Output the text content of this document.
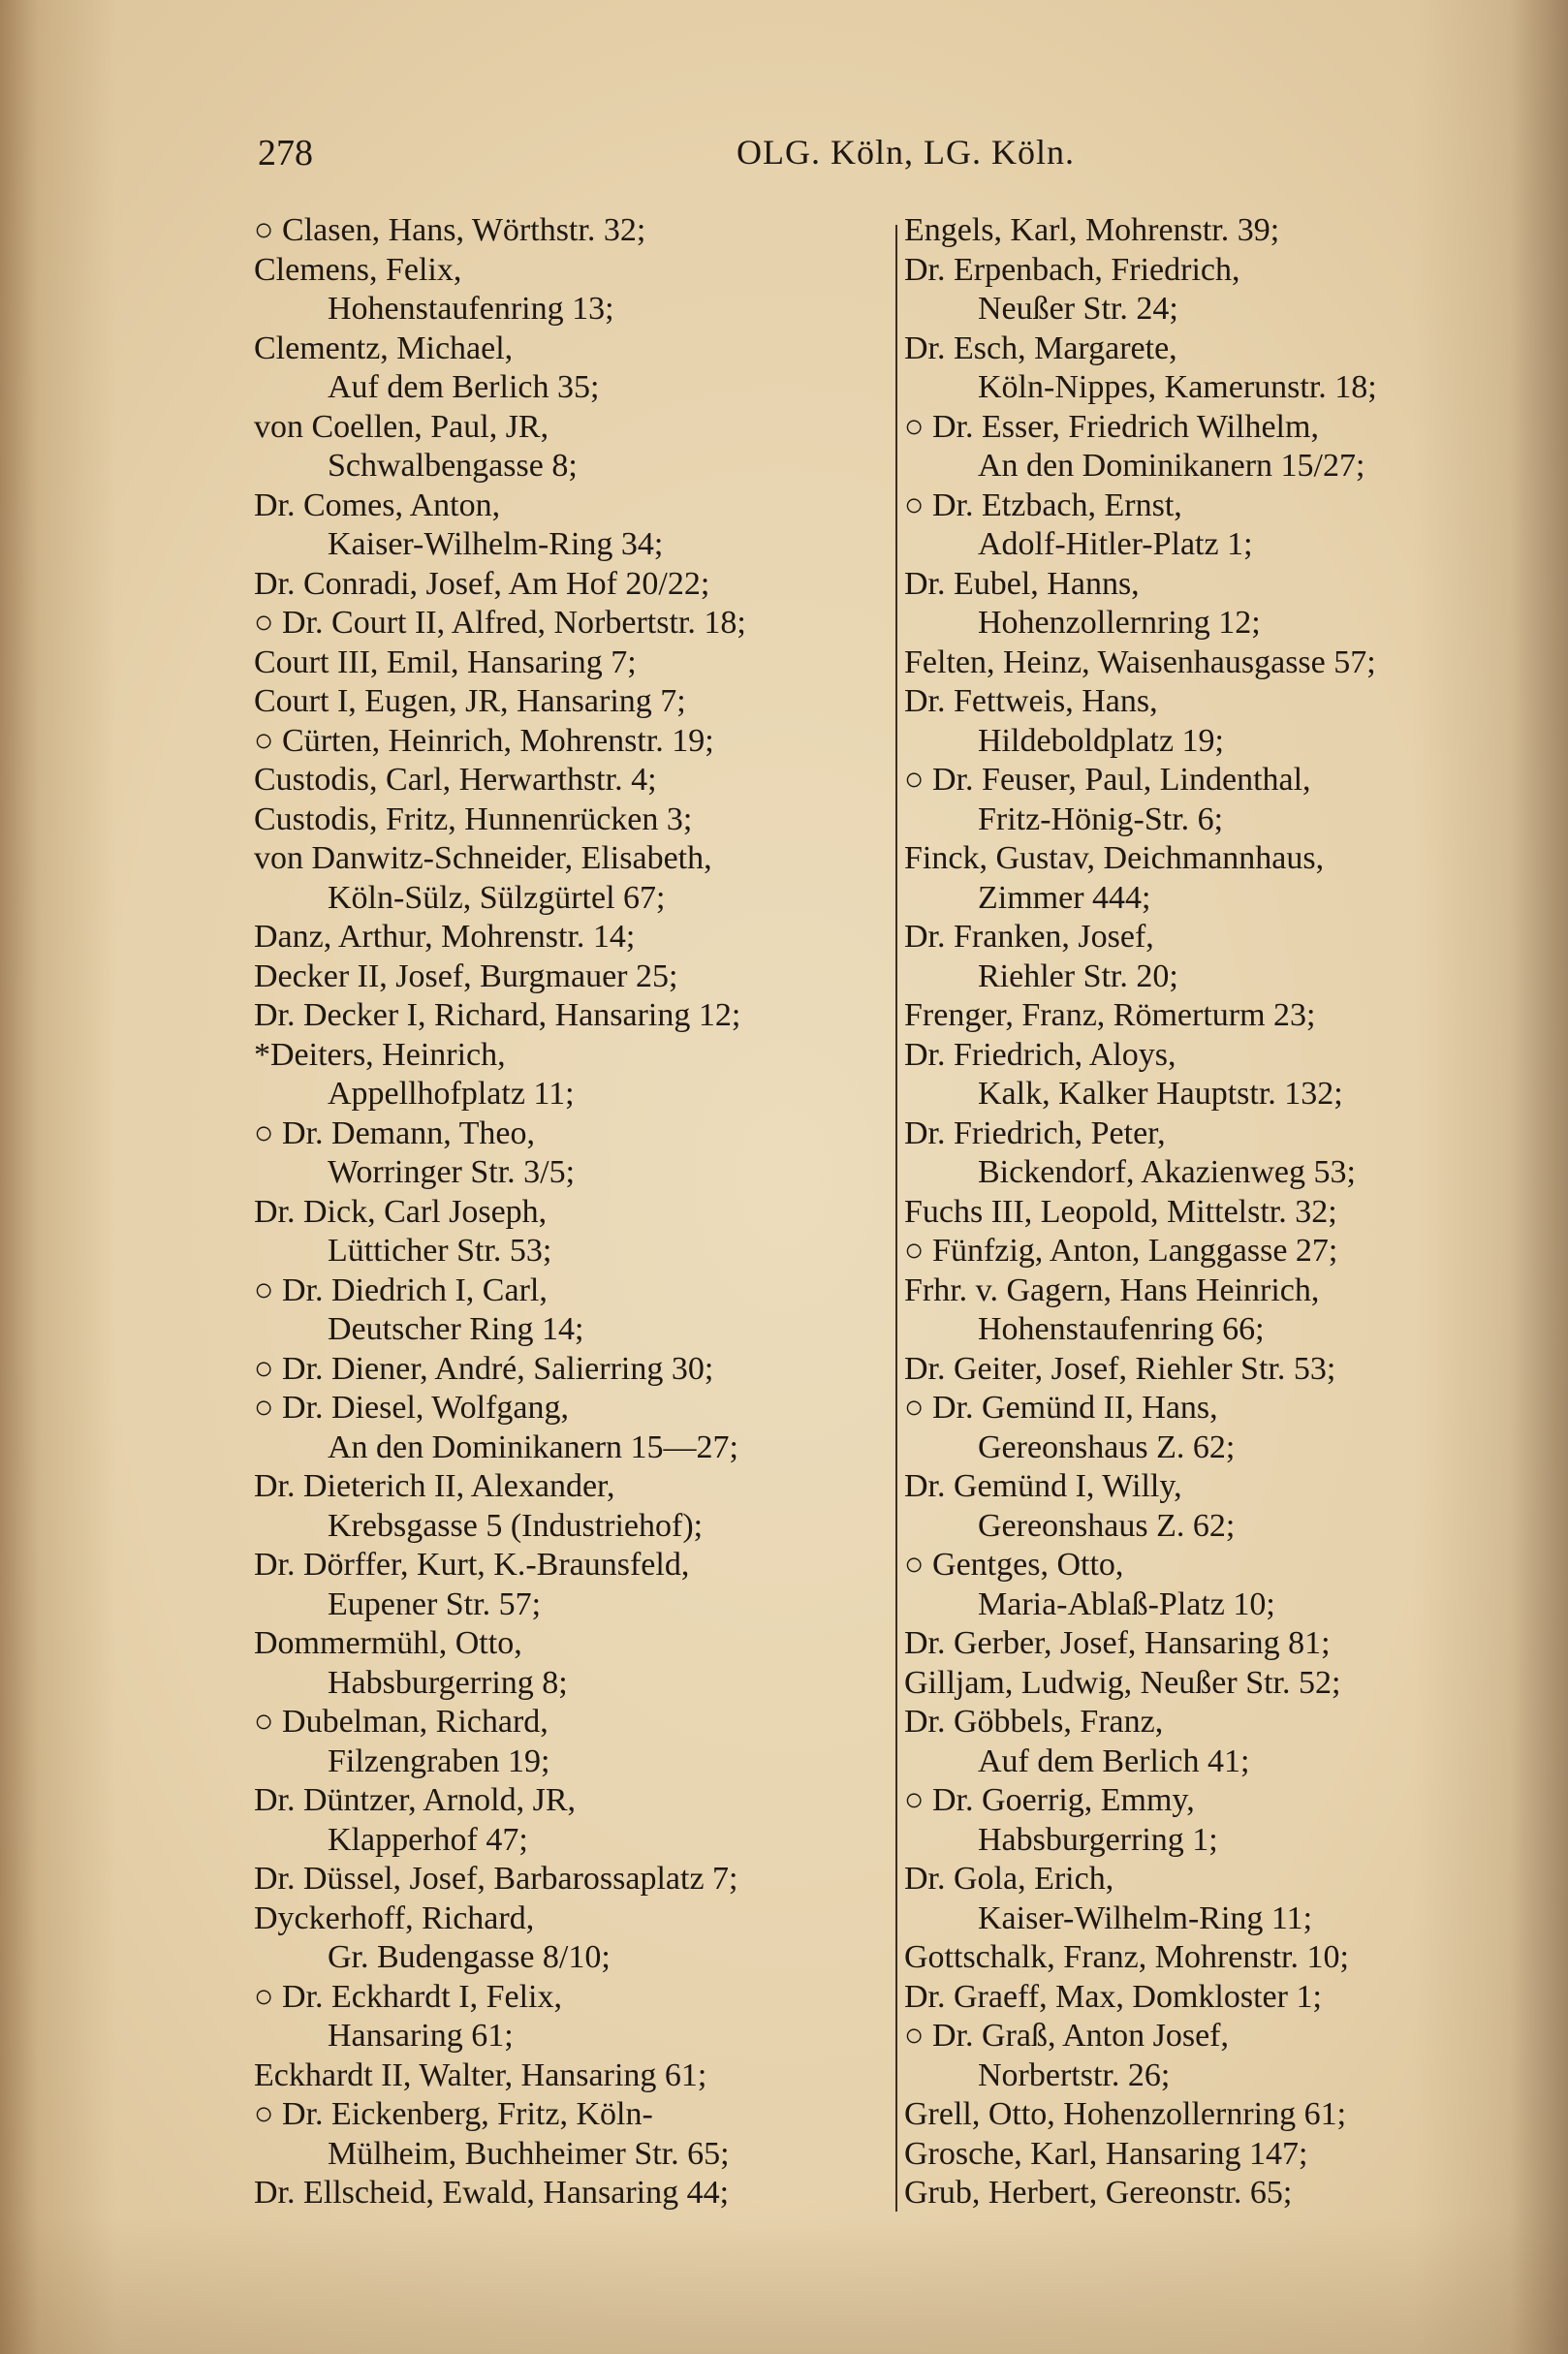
278	OLG. Köln, LG. Köln.
○ Clasen, Hans, Wörthstr. 32;
Clemens, Felix,
Hohenstaufenring 13;
Clementz, Michael,
Auf dem Berlich 35;
von Coellen, Paul, JR,
Schwalbengasse 8;
Dr. Comes, Anton,
Kaiser-Wilhelm-Ring 34;
Dr. Conradi, Josef, Am Hof 20/22;
○ Dr. Court II, Alfred, Norbertstr. 18;
Court III, Emil, Hansaring 7;
Court I, Eugen, JR, Hansaring 7;
○ Cürten, Heinrich, Mohrenstr. 19;
Custodis, Carl, Herwarthstr. 4;
Custodis, Fritz, Hunnenrücken 3;
von Danwitz-Schneider, Elisabeth,
Köln-Sülz, Sülzgürtel 67;
Danz, Arthur, Mohrenstr. 14;
Decker II, Josef, Burgmauer 25;
Dr. Decker I, Richard, Hansaring 12;
*Deiters, Heinrich,
Appellhofplatz 11;
○ Dr. Demann, Theo,
Worringer Str. 3/5;
Dr. Dick, Carl Joseph,
Lütticher Str. 53;
○ Dr. Diedrich I, Carl,
Deutscher Ring 14;
○ Dr. Diener, André, Salierring 30;
○ Dr. Diesel, Wolfgang,
An den Dominikanern 15—27;
Dr. Dieterich II, Alexander,
Krebsgasse 5 (Industriehof);
Dr. Dörffer, Kurt, K.-Braunsfeld,
Eupener Str. 57;
Dommermühl, Otto,
Habsburgerring 8;
○ Dubelman, Richard,
Filzengraben 19;
Dr. Düntzer, Arnold, JR,
Klapperhof 47;
Dr. Düssel, Josef, Barbarossaplatz 7;
Dyckerhoff, Richard,
Gr. Budengasse 8/10;
○ Dr. Eckhardt I, Felix,
Hansaring 61;
Eckhardt II, Walter, Hansaring 61;
○ Dr. Eickenberg, Fritz, Köln-
Mülheim, Buchheimer Str. 65;
Dr. Ellscheid, Ewald, Hansaring 44;
Engels, Karl, Mohrenstr. 39;
Dr. Erpenbach, Friedrich,
Neußer Str. 24;
Dr. Esch, Margarete,
Köln-Nippes, Kamerunstr. 18;
○ Dr. Esser, Friedrich Wilhelm,
An den Dominikanern 15/27;
○ Dr. Etzbach, Ernst,
Adolf-Hitler-Platz 1;
Dr. Eubel, Hanns,
Hohenzollernring 12;
Felten, Heinz, Waisenhausgasse 57;
Dr. Fettweis, Hans,
Hildeboldplatz 19;
○ Dr. Feuser, Paul, Lindenthal,
Fritz-Hönig-Str. 6;
Finck, Gustav, Deichmannhaus,
Zimmer 444;
Dr. Franken, Josef,
Riehler Str. 20;
Frenger, Franz, Römerturm 23;
Dr. Friedrich, Aloys,
Kalk, Kalker Hauptstr. 132;
Dr. Friedrich, Peter,
Bickendorf, Akazienweg 53;
Fuchs III, Leopold, Mittelstr. 32;
○ Fünfzig, Anton, Langgasse 27;
Frhr. v. Gagern, Hans Heinrich,
Hohenstaufenring 66;
Dr. Geiter, Josef, Riehler Str. 53;
○ Dr. Gemünd II, Hans,
Gereonshaus Z. 62;
Dr. Gemünd I, Willy,
Gereonshaus Z. 62;
○ Gentges, Otto,
Maria-Ablaß-Platz 10;
Dr. Gerber, Josef, Hansaring 81;
Gilljam, Ludwig, Neußer Str. 52;
Dr. Göbbels, Franz,
Auf dem Berlich 41;
○ Dr. Goerrig, Emmy,
Habsburgerring 1;
Dr. Gola, Erich,
Kaiser-Wilhelm-Ring 11;
Gottschalk, Franz, Mohrenstr. 10;
Dr. Graeff, Max, Domkloster 1;
○ Dr. Graß, Anton Josef,
Norbertstr. 26;
Grell, Otto, Hohenzollernring 61;
Grosche, Karl, Hansaring 147;
Grub, Herbert, Gereonstr. 65;
